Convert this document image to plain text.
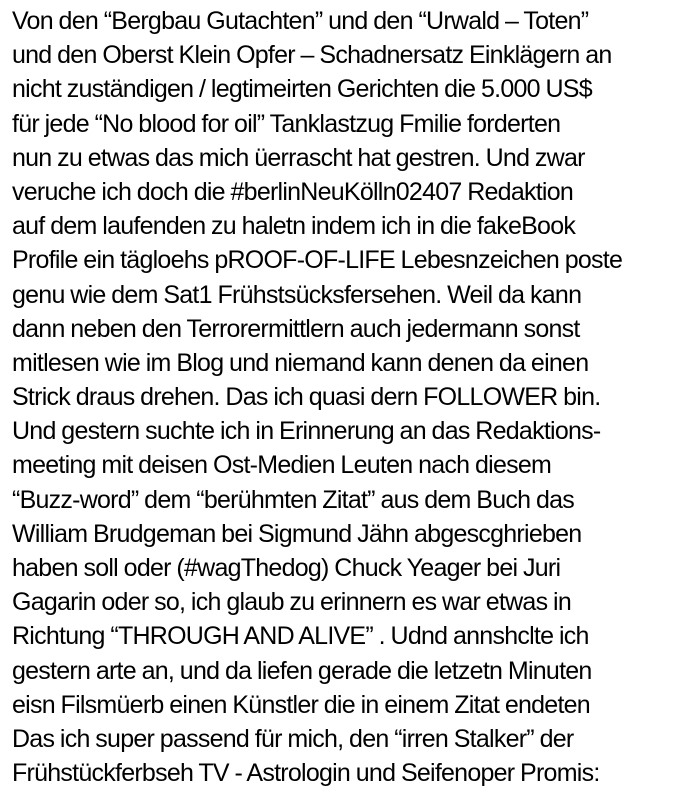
Von den “Bergbau Gutachten” und den “Urwald – Toten”
und den Oberst Klein Opfer – Schadnersatz Einklägern an
nicht zuständigen / legtimeirten Gerichten die 5.000 US$
für jede “No blood for oil” Tanklastzug Fmilie forderten
nun zu etwas das mich üerrascht hat gestren. Und zwar
veruche ich doch die #berlinNeuKölln02407 Redaktion
auf dem laufenden zu haletn indem ich in die fakeBook
Profile ein tägloehs pROOF-OF-LIFE Lebesnzeichen poste
genu wie dem Sat1 Frühstsücksfersehen. Weil da kann
dann neben den Terrorermittlern auch jedermann sonst
mitlesen wie im Blog und niemand kann denen da einen
Strick draus drehen. Das ich quasi dern FOLLOWER bin.
Und gestern suchte ich in Erinnerung an das Redaktions-
meeting mit deisen Ost-Medien Leuten nach diesem
“Buzz-word” dem “berühmten Zitat” aus dem Buch das
William Brudgeman bei Sigmund Jähn abgescghrieben
haben soll oder (#wagThedog) Chuck Yeager bei Juri
Gagarin oder so, ich glaub zu erinnern es war etwas in
Richtung “THROUGH AND ALIVE” . Udnd annshclte ich
gestern arte an, und da liefen gerade die letzetn Minuten
eisn Filsmüerb einen Künstler die in einem Zitat endeten
Das ich super passend für mich, den “irren Stalker” der
Frühstückferbseh TV - Astrologin und Seifenoper Promis:
